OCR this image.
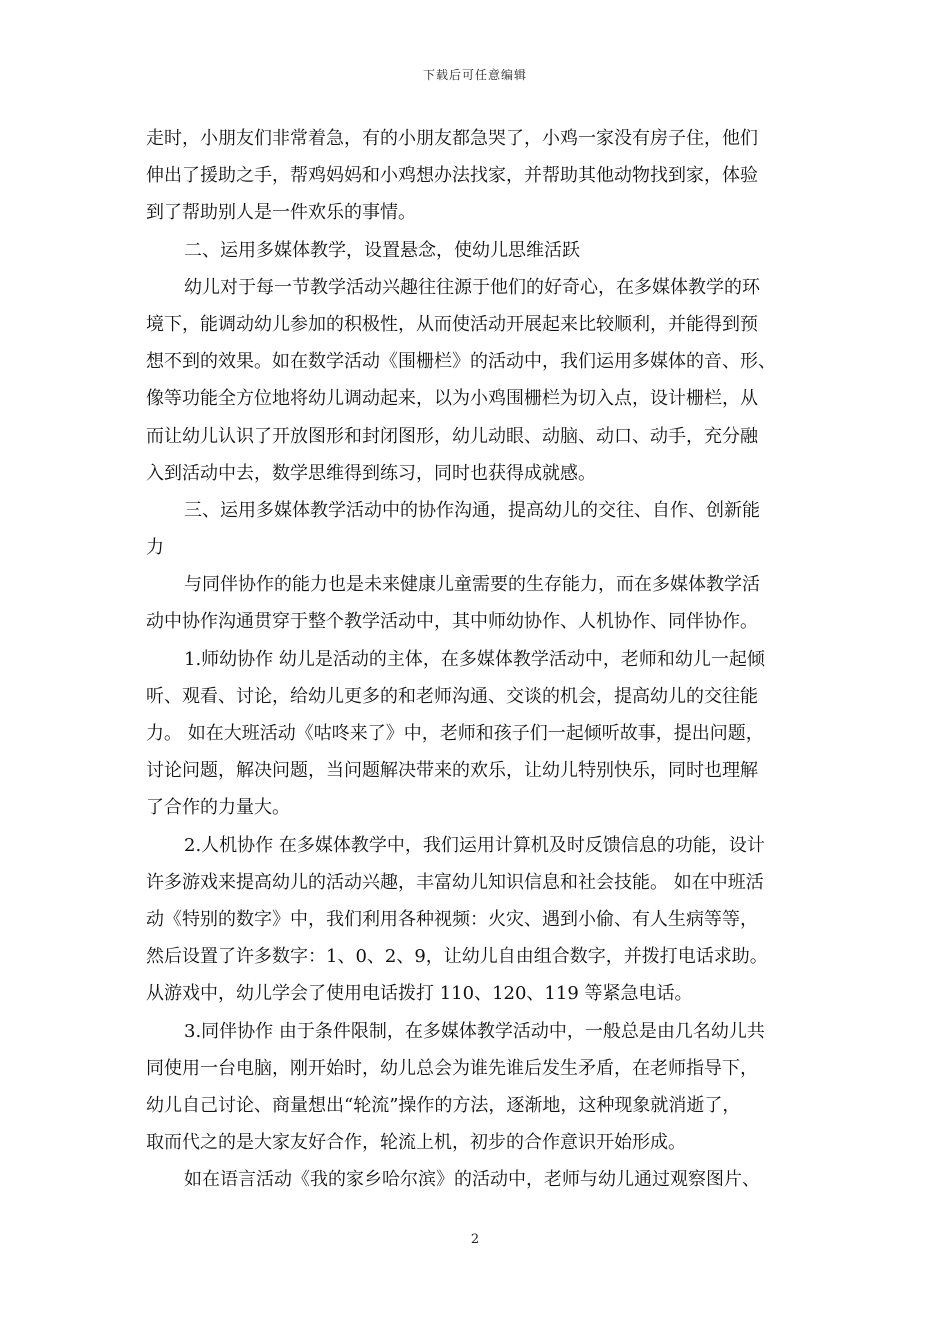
下载后可任意编辑
走时，小朋友们非常着急，有的小朋友都急哭了，小鸡一家没有房子住，他们
伸出了援助之手，帮鸡妈妈和小鸡想办法找家，并帮助其他动物找到家，体验
到了帮助别人是一件欢乐的事情。
二、运用多媒体教学，设置悬念，使幼儿思维活跃
幼儿对于每一节教学活动兴趣往往源于他们的好奇心，在多媒体教学的环
境下，能调动幼儿参加的积极性，从而使活动开展起来比较顺利，并能得到预
想不到的效果。如在数学活动《围栅栏》的活动中，我们运用多媒体的音、形、
像等功能全方位地将幼儿调动起来，以为小鸡围栅栏为切入点，设计栅栏，从
而让幼儿认识了开放图形和封闭图形，幼儿动眼、动脑、动口、动手，充分融
入到活动中去，数学思维得到练习，同时也获得成就感。
三、运用多媒体教学活动中的协作沟通，提高幼儿的交往、自作、创新能
力
与同伴协作的能力也是未来健康儿童需要的生存能力，而在多媒体教学活
动中协作沟通贯穿于整个教学活动中，其中师幼协作、人机协作、同伴协作。
1.师幼协作 幼儿是活动的主体，在多媒体教学活动中，老师和幼儿一起倾
听、观看、讨论，给幼儿更多的和老师沟通、交谈的机会，提高幼儿的交往能
力。 如在大班活动《咕咚来了》中，老师和孩子们一起倾听故事，提出问题，
讨论问题，解决问题，当问题解决带来的欢乐，让幼儿特别快乐，同时也理解
了合作的力量大。
2.人机协作 在多媒体教学中，我们运用计算机及时反馈信息的功能，设计
许多游戏来提高幼儿的活动兴趣，丰富幼儿知识信息和社会技能。 如在中班活
动《特别的数字》中，我们利用各种视频：火灾、遇到小偷、有人生病等等，
然后设置了许多数字：1、0、2、9，让幼儿自由组合数字，并拨打电话求助。
从游戏中，幼儿学会了使用电话拨打 110、120、119 等紧急电话。
3.同伴协作 由于条件限制，在多媒体教学活动中，一般总是由几名幼儿共
同使用一台电脑，刚开始时，幼儿总会为谁先谁后发生矛盾，在老师指导下，
幼儿自己讨论、商量想出“轮流”操作的方法，逐渐地，这种现象就消逝了，
取而代之的是大家友好合作，轮流上机，初步的合作意识开始形成。
如在语言活动《我的家乡哈尔滨》的活动中，老师与幼儿通过观察图片、
2
